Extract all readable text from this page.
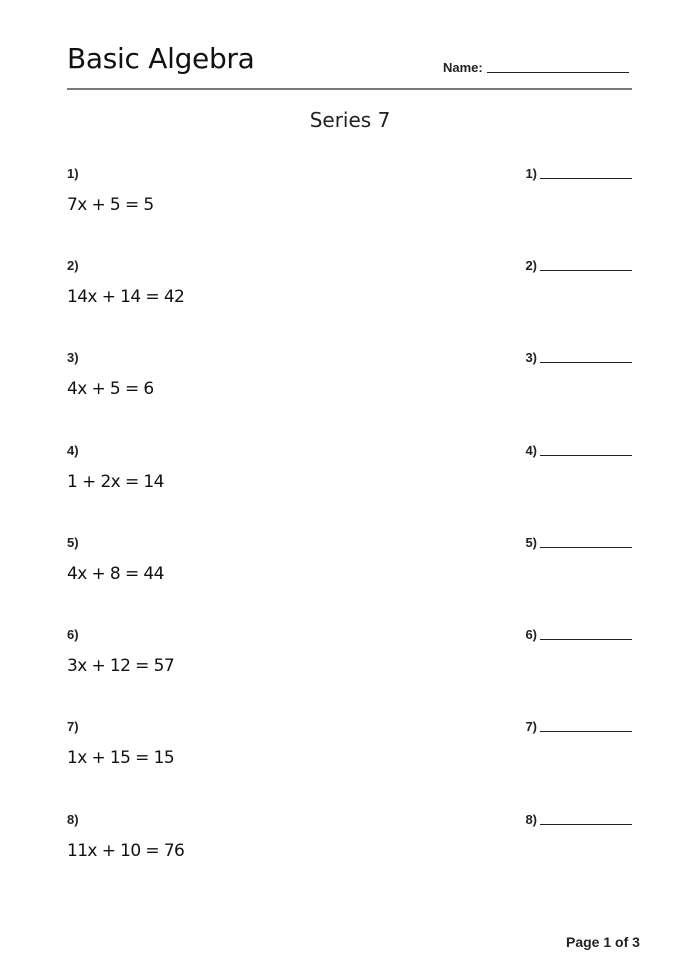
Basic Algebra	Name:
Series 7
1)
7x + 5 = 5
1)
2)
14x + 14 = 42
2)
3)
4x + 5 = 6
3)
4)
1 + 2x = 14
4)
5)
4x + 8 = 44
5)
6)
3x + 12 = 57
6)
7)
1x + 15 = 15
7)
8)
11x + 10 = 76
8)
Page 1 of 3
